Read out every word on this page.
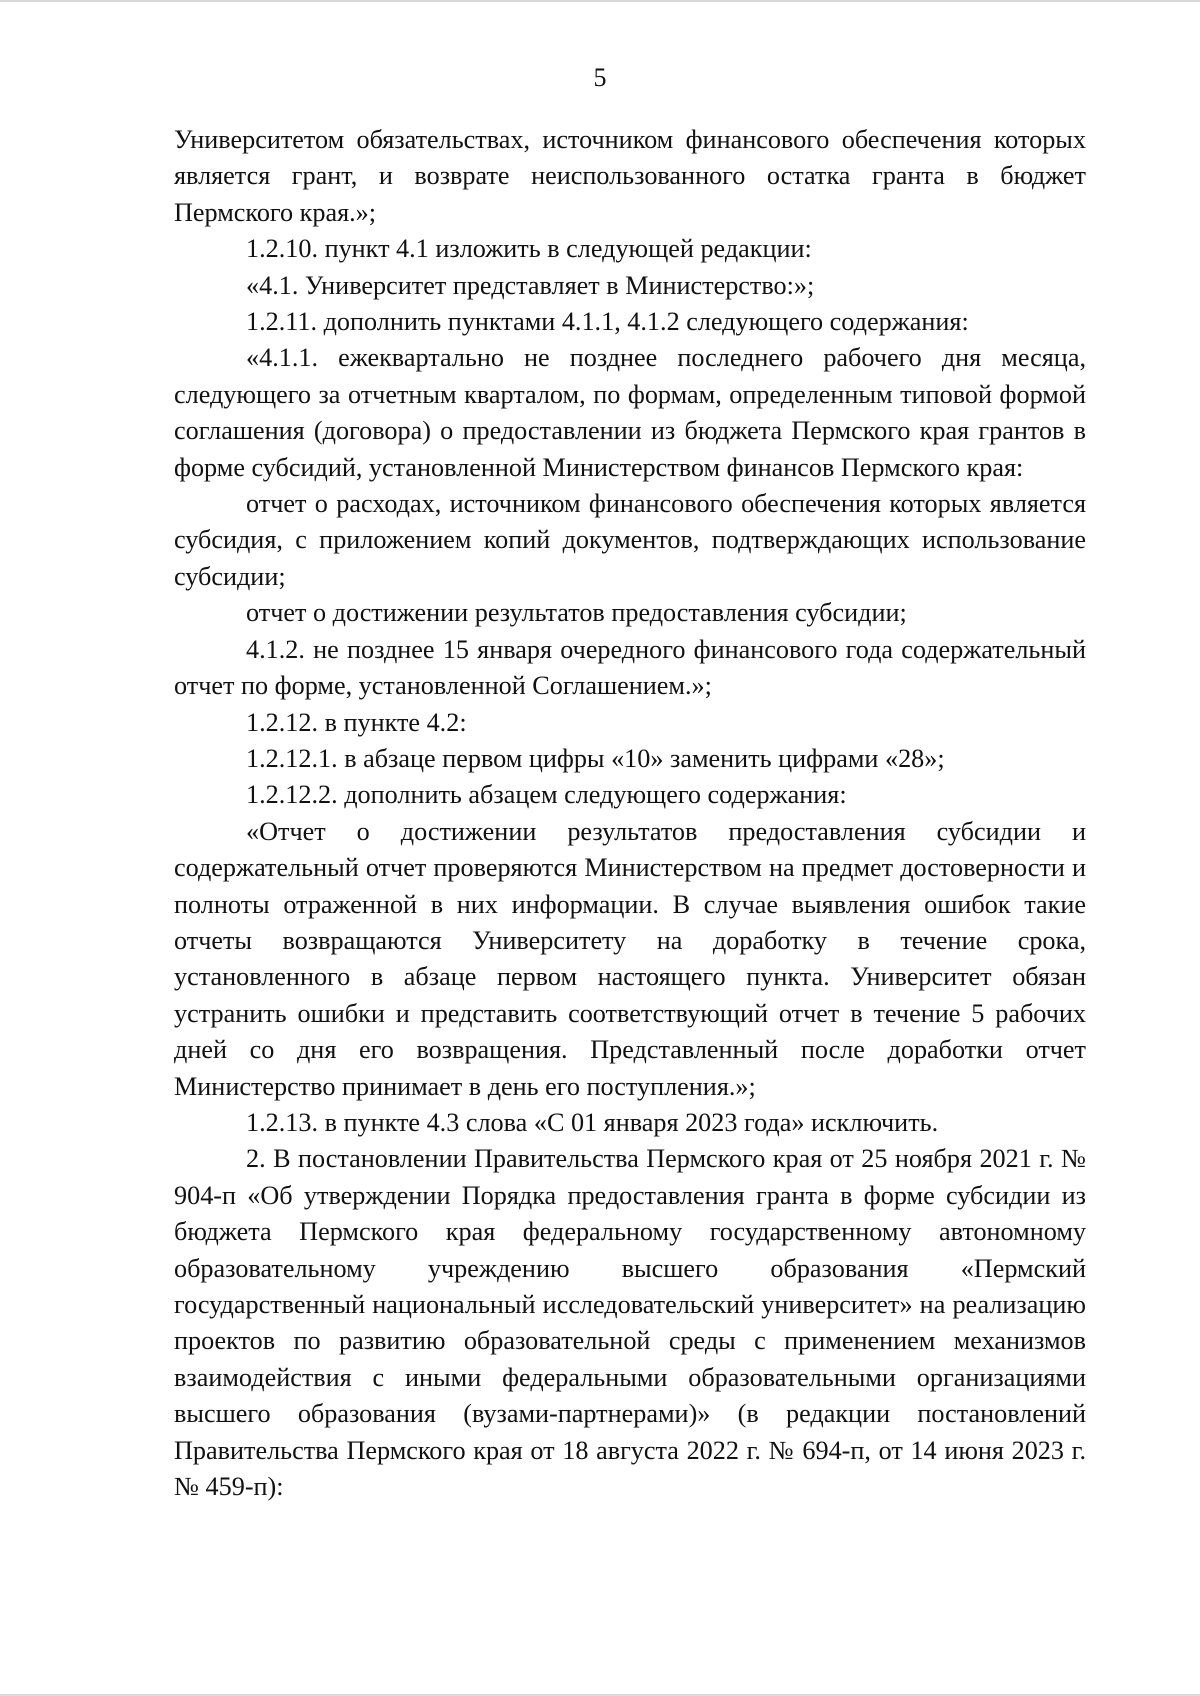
5

Университетом обязательствах, источником финансового обеспечения которых является грант, и возврате неиспользованного остатка гранта в бюджет Пермского края.»;

1.2.10. пункт 4.1 изложить в следующей редакции:

«4.1. Университет представляет в Министерство:»;

1.2.11. дополнить пунктами 4.1.1, 4.1.2 следующего содержания:

«4.1.1. ежеквартально не позднее последнего рабочего дня месяца, следующего за отчетным кварталом, по формам, определенным типовой формой соглашения (договора) о предоставлении из бюджета Пермского края грантов в форме субсидий, установленной Министерством финансов Пермского края:

отчет о расходах, источником финансового обеспечения которых является субсидия, с приложением копий документов, подтверждающих использование субсидии;

отчет о достижении результатов предоставления субсидии;

4.1.2. не позднее 15 января очередного финансового года содержательный отчет по форме, установленной Соглашением.»;

1.2.12. в пункте 4.2:

1.2.12.1. в абзаце первом цифры «10» заменить цифрами «28»;

1.2.12.2. дополнить абзацем следующего содержания:

«Отчет о достижении результатов предоставления субсидии и содержательный отчет проверяются Министерством на предмет достоверности и полноты отраженной в них информации. В случае выявления ошибок такие отчеты возвращаются Университету на доработку в течение срока, установленного в абзаце первом настоящего пункта. Университет обязан устранить ошибки и представить соответствующий отчет в течение 5 рабочих дней со дня его возвращения. Представленный после доработки отчет Министерство принимает в день его поступления.»;

1.2.13. в пункте 4.3 слова «С 01 января 2023 года» исключить.

2. В постановлении Правительства Пермского края от 25 ноября 2021 г. № 904-п «Об утверждении Порядка предоставления гранта в форме субсидии из бюджета Пермского края федеральному государственному автономному образовательному учреждению высшего образования «Пермский государственный национальный исследовательский университет» на реализацию проектов по развитию образовательной среды с применением механизмов взаимодействия с иными федеральными образовательными организациями высшего образования (вузами-партнерами)» (в редакции постановлений Правительства Пермского края от 18 августа 2022 г. № 694-п, от 14 июня 2023 г. № 459-п):
